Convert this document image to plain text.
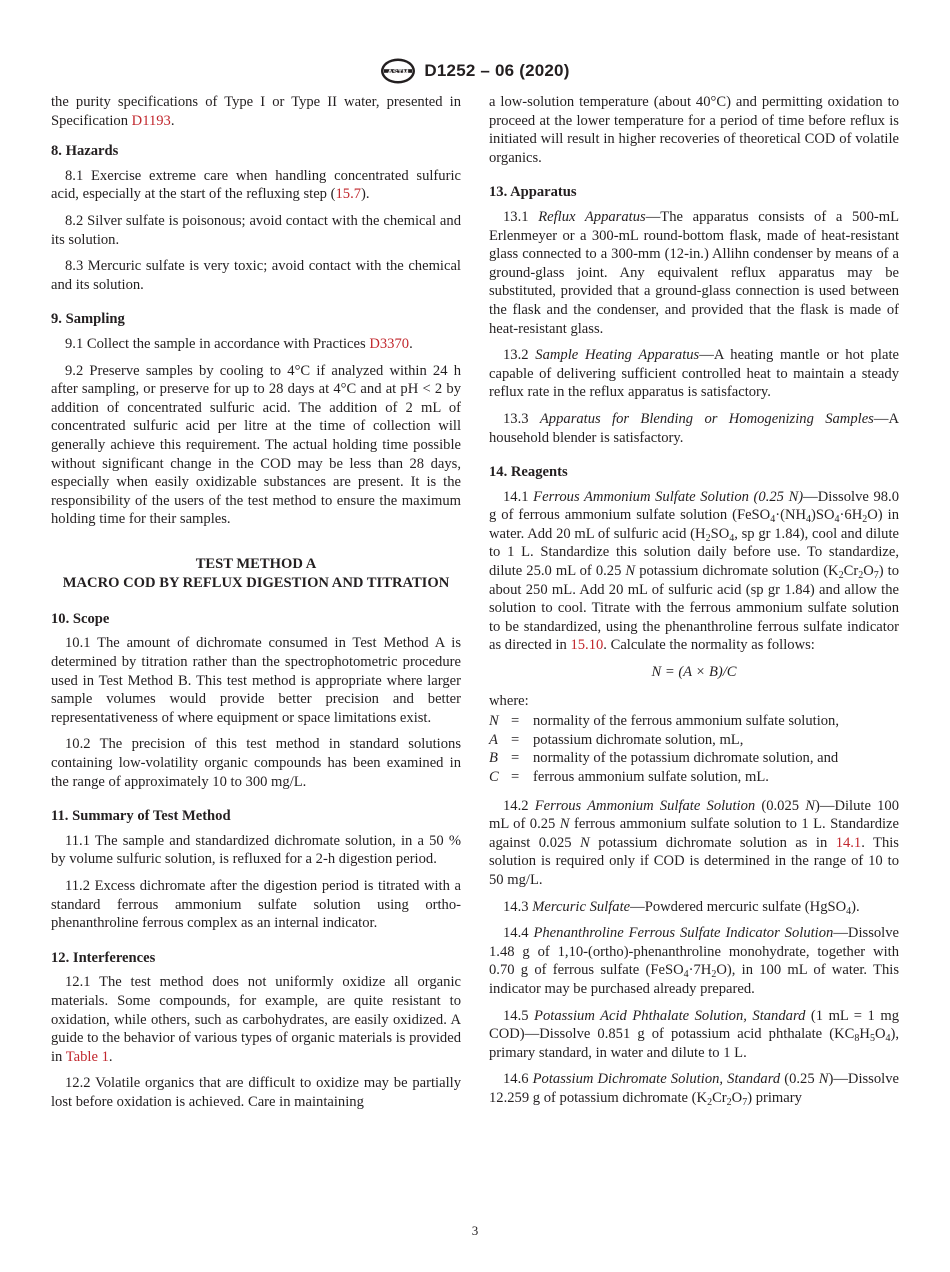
ASTM D1252 – 06 (2020)

the purity specifications of Type I or Type II water, presented in Specification D1193.

8. Hazards

8.1 Exercise extreme care when handling concentrated sulfuric acid, especially at the start of the refluxing step (15.7).

8.2 Silver sulfate is poisonous; avoid contact with the chemical and its solution.

8.3 Mercuric sulfate is very toxic; avoid contact with the chemical and its solution.

9. Sampling

9.1 Collect the sample in accordance with Practices D3370.

9.2 Preserve samples by cooling to 4°C if analyzed within 24 h after sampling, or preserve for up to 28 days at 4°C and at pH < 2 by addition of concentrated sulfuric acid. The addition of 2 mL of concentrated sulfuric acid per litre at the time of collection will generally achieve this requirement. The actual holding time possible without significant change in the COD may be less than 28 days, especially when easily oxidizable substances are present. It is the responsibility of the users of the test method to ensure the maximum holding time for their samples.

TEST METHOD A
MACRO COD BY REFLUX DIGESTION AND TITRATION
10. Scope

10.1 The amount of dichromate consumed in Test Method A is determined by titration rather than the spectrophotometric procedure used in Test Method B. This test method is appropriate where larger sample volumes would provide better precision and better representativeness of where equipment or space limitations exist.

10.2 The precision of this test method in standard solutions containing low-volatility organic compounds has been examined in the range of approximately 10 to 300 mg/L.

11. Summary of Test Method

11.1 The sample and standardized dichromate solution, in a 50 % by volume sulfuric solution, is refluxed for a 2-h digestion period.

11.2 Excess dichromate after the digestion period is titrated with a standard ferrous ammonium sulfate solution using ortho-phenanthroline ferrous complex as an internal indicator.

12. Interferences

12.1 The test method does not uniformly oxidize all organic materials. Some compounds, for example, are quite resistant to oxidation, while others, such as carbohydrates, are easily oxidized. A guide to the behavior of various types of organic materials is provided in Table 1.

12.2 Volatile organics that are difficult to oxidize may be partially lost before oxidation is achieved. Care in maintaining

a low-solution temperature (about 40°C) and permitting oxidation to proceed at the lower temperature for a period of time before reflux is initiated will result in higher recoveries of theoretical COD of volatile organics.

13. Apparatus

13.1 Reflux Apparatus—The apparatus consists of a 500-mL Erlenmeyer or a 300-mL round-bottom flask, made of heat-resistant glass connected to a 300-mm (12-in.) Allihn condenser by means of a ground-glass joint. Any equivalent reflux apparatus may be substituted, provided that a ground-glass connection is used between the flask and the condenser, and provided that the flask is made of heat-resistant glass.

13.2 Sample Heating Apparatus—A heating mantle or hot plate capable of delivering sufficient controlled heat to maintain a steady reflux rate in the reflux apparatus is satisfactory.

13.3 Apparatus for Blending or Homogenizing Samples—A household blender is satisfactory.

14. Reagents

14.1 Ferrous Ammonium Sulfate Solution (0.25 N)—Dissolve 98.0 g of ferrous ammonium sulfate solution $(FeSO_4\cdot(NH_4)SO_4\cdot 6H_2O)$ in water. Add 20 mL of sulfuric acid ($H_2SO_4$, sp gr 1.84), cool and dilute to 1 L. Standardize this solution daily before use. To standardize, dilute 25.0 mL of 0.25 N potassium dichromate solution $(K_2Cr_2O_7)$ to about 250 mL. Add 20 mL of sulfuric acid (sp gr 1.84) and allow the solution to cool. Titrate with the ferrous ammonium sulfate solution to be standardized, using the phenanthroline ferrous sulfate indicator as directed in 15.10. Calculate the normality as follows:

N = (A × B)/C
where:
N = normality of the ferrous ammonium sulfate solution,
A = potassium dichromate solution, mL,
B = normality of the potassium dichromate solution, and
C = ferrous ammonium sulfate solution, mL.

14.2 Ferrous Ammonium Sulfate Solution (0.025 N)—Dilute 100 mL of 0.25 N ferrous ammonium sulfate solution to 1 L. Standardize against 0.025 N potassium dichromate solution as in 14.1. This solution is required only if COD is determined in the range of 10 to 50 mg/L.

14.3 Mercuric Sulfate—Powdered mercuric sulfate (HgSO$_4$).

14.4 Phenanthroline Ferrous Sulfate Indicator Solution—Dissolve 1.48 g of 1,10-(ortho)-phenanthroline monohydrate, together with 0.70 g of ferrous sulfate $(FeSO_4\cdot 7H_2O)$, in 100 mL of water. This indicator may be purchased already prepared.

14.5 Potassium Acid Phthalate Solution, Standard (1 mL = 1 mg COD)—Dissolve 0.851 g of potassium acid phthalate $(KC_8H_5O_4)$, primary standard, in water and dilute to 1 L.

14.6 Potassium Dichromate Solution, Standard (0.25 N)—Dissolve 12.259 g of potassium dichromate $(K_2Cr_2O_7)$ primary

3
